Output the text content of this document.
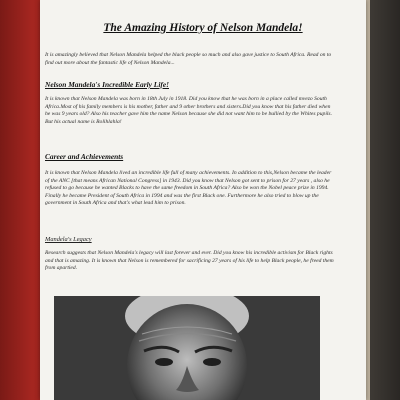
The Amazing History of Nelson Mandela!
It is amazingly believed that Nelson Mandela helped the black people so much and also gave justice to South Africa. Read on to find out more about the fantastic life of Nelson Mandela...
Nelson Mandela's Incredible Early Life!
It is known that Nelson Mandela was born in 18th July in 1918. Did you know that he was born in a place called mvezo South Africa.Most of his family members is his mother, father and 9 other brothers and sisters.Did you know that his father died when he was 9 years old? Also his teacher gave him the name Nelson because she did not want him to be bullied by the Whites pupils. But his actual name is Rolihlahla!
Career and Achievements
It is known that Nelson Mandela lived an incredible life full of many achievements. In addition to this,Nelson became the leader of the ANC [that means African National Congress] in 1943. Did you know that Nelson got sent to prison for 27 years , also he refused to go because he wanted Blacks to have the same freedom in South Africa? Also he won the Nobel peace prize in 1994. Finally he became President of South Africa in 1994 and was the first Black one. Furthermore he also tried to blow up the government in South Africa and that's what lead him to prison.
Mandela's Legacy
Research suggests that Nelson Mandela's legacy will last forever and ever. Did you know his incredible activism for Black rights and that is amazing. It is known that Nelson is remembered for sacrificing 27 years of his life to help Black people, he freed them from apartied.
